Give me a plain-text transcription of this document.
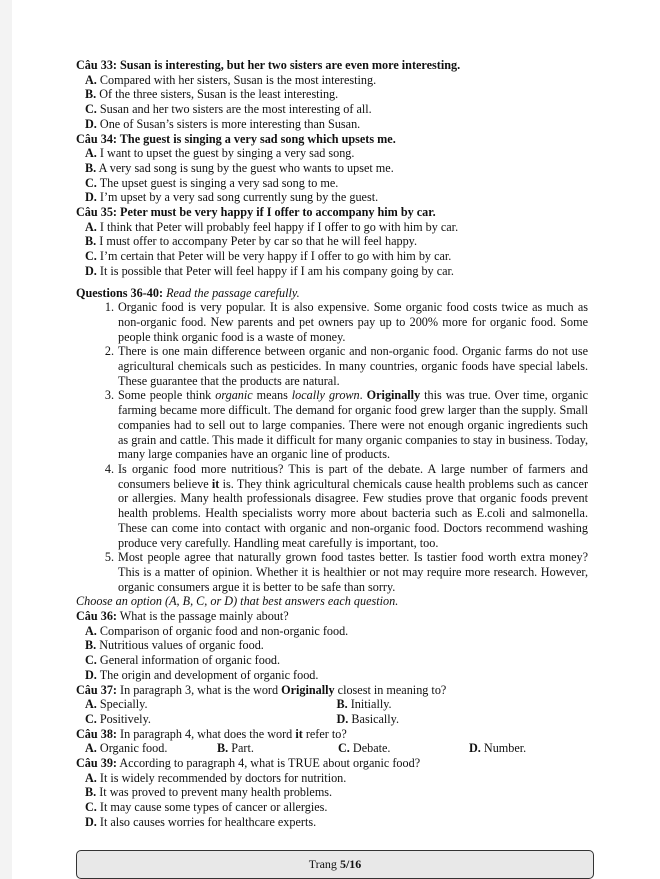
Câu 33: Susan is interesting, but her two sisters are even more interesting.
A. Compared with her sisters, Susan is the most interesting.
B. Of the three sisters, Susan is the least interesting.
C. Susan and her two sisters are the most interesting of all.
D. One of Susan’s sisters is more interesting than Susan.
Câu 34: The guest is singing a very sad song which upsets me.
A. I want to upset the guest by singing a very sad song.
B. A very sad song is sung by the guest who wants to upset me.
C. The upset guest is singing a very sad song to me.
D. I’m upset by a very sad song currently sung by the guest.
Câu 35: Peter must be very happy if I offer to accompany him by car.
A. I think that Peter will probably feel happy if I offer to go with him by car.
B. I must offer to accompany Peter by car so that he will feel happy.
C. I’m certain that Peter will be very happy if I offer to go with him by car.
D. It is possible that Peter will feel happy if I am his company going by car.
Questions 36-40: Read the passage carefully.
1. Organic food is very popular. It is also expensive. Some organic food costs twice as much as non-organic food. New parents and pet owners pay up to 200% more for organic food. Some people think organic food is a waste of money.
2. There is one main difference between organic and non-organic food. Organic farms do not use agricultural chemicals such as pesticides. In many countries, organic foods have special labels. These guarantee that the products are natural.
3. Some people think organic means locally grown. Originally this was true. Over time, organic farming became more difficult. The demand for organic food grew larger than the supply. Small companies had to sell out to large companies. There were not enough organic ingredients such as grain and cattle. This made it difficult for many organic companies to stay in business. Today, many large companies have an organic line of products.
4. Is organic food more nutritious? This is part of the debate. A large number of farmers and consumers believe it is. They think agricultural chemicals cause health problems such as cancer or allergies. Many health professionals disagree. Few studies prove that organic foods prevent health problems. Health specialists worry more about bacteria such as E.coli and salmonella. These can come into contact with organic and non-organic food. Doctors recommend washing produce very carefully. Handling meat carefully is important, too.
5. Most people agree that naturally grown food tastes better. Is tastier food worth extra money? This is a matter of opinion. Whether it is healthier or not may require more research. However, organic consumers argue it is better to be safe than sorry.
Choose an option (A, B, C, or D) that best answers each question.
Câu 36: What is the passage mainly about?
A. Comparison of organic food and non-organic food.
B. Nutritious values of organic food.
C. General information of organic food.
D. The origin and development of organic food.
Câu 37: In paragraph 3, what is the word Originally closest in meaning to?
A. Specially.	B. Initially.
C. Positively.	D. Basically.
Câu 38: In paragraph 4, what does the word it refer to?
A. Organic food.	B. Part.	C. Debate.	D. Number.
Câu 39: According to paragraph 4, what is TRUE about organic food?
A. It is widely recommended by doctors for nutrition.
B. It was proved to prevent many health problems.
C. It may cause some types of cancer or allergies.
D. It also causes worries for healthcare experts.
Trang 5/16
